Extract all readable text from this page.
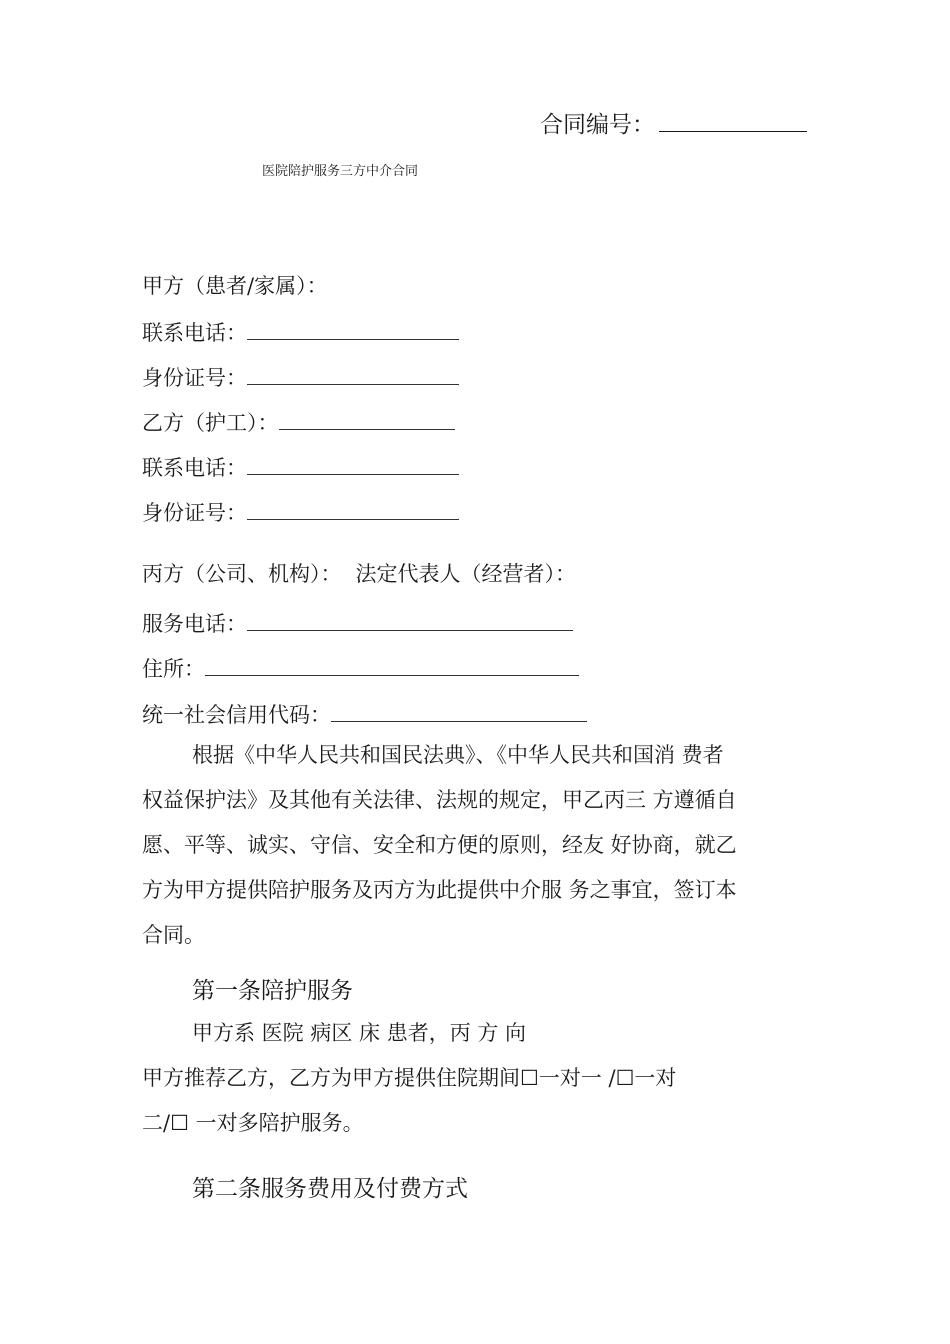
合同编号：
医院陪护服务三方中介合同
甲方（患者/家属）：
联系电话：
身份证号：
乙方（护工）：
联系电话：
身份证号：
丙方（公司、机构）： 法定代表人（经营者）：
服务电话：
住所：
统一社会信用代码：
根据《中华人民共和国民法典》、《中华人民共和国消 费者
权益保护法》及其他有关法律、法规的规定，甲乙丙三 方遵循自
愿、平等、诚实、守信、安全和方便的原则，经友 好协商，就乙
方为甲方提供陪护服务及丙方为此提供中介服 务之事宜，签订本
合同。
第一条陪护服务
甲方系 医院 病区 床 患者，丙 方 向
甲方推荐乙方，乙方为甲方提供住院期间☐一对一 /☐一对
二/☐ 一对多陪护服务。
第二条服务费用及付费方式
